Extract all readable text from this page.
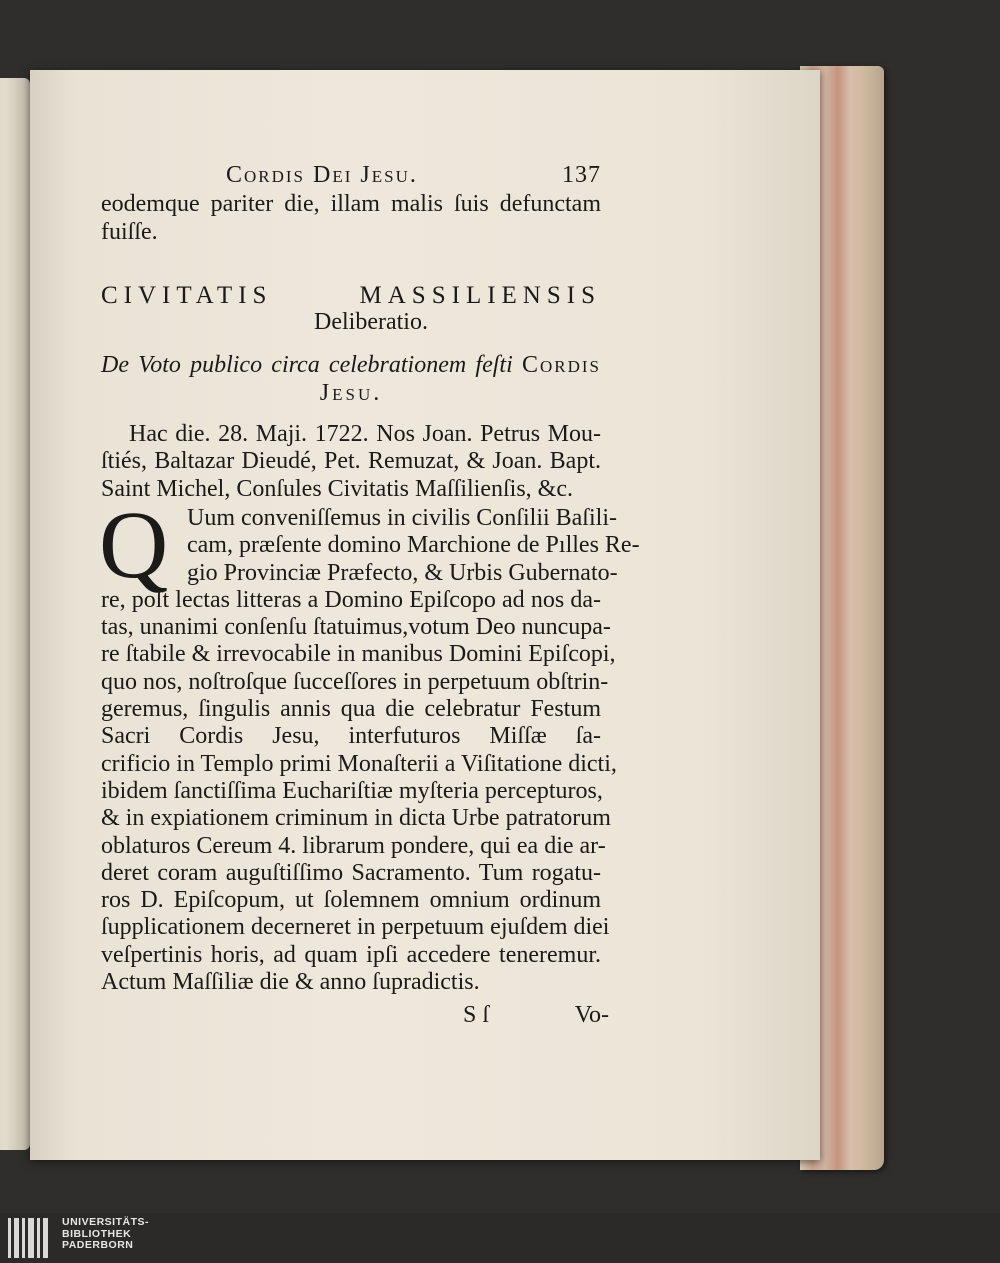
Cordis Dei Jesu.	137
eodemque pariter die, illam malis ſuis defunctam
fuiſſe.
CIVITATIS MASSILIENSIS
Deliberatio.
De Voto publico circa celebrationem feſti Cordis
Jesu.
Hac die. 28. Maji. 1722. Nos Joan. Petrus Mou-
ſtiés, Baltazar Dieudé, Pet. Remuzat, & Joan. Bapt.
Saint Michel, Conſules Civitatis Maſſilienſis, &c.
Q Uum conveniſſemus in civilis Conſilii Baſili-
cam, præſente domino Marchione de Pılles Re-
gio Provinciæ Præfecto, & Urbis Gubernato-
re, poſt lectas litteras a Domino Epiſcopo ad nos da-
tas, unanimi conſenſu ſtatuimus,votum Deo nuncupa-
re ſtabile & irrevocabile in manibus Domini Epiſcopi,
quo nos, noſtroſque ſucceſſores in perpetuum obſtrin-
geremus, ſingulis annis qua die celebratur Festum
Sacri Cordis Jesu, interfuturos Miſſæ ſa-
crificio in Templo primi Monaſterii a Viſitatione dicti,
ibidem ſanctiſſima Euchariſtiæ myſteria percepturos,
& in expiationem criminum in dicta Urbe patratorum
oblaturos Cereum 4. librarum pondere, qui ea die ar-
deret coram auguſtiſſimo Sacramento. Tum rogatu-
ros D. Epiſcopum, ut ſolemnem omnium ordinum
ſupplicationem decerneret in perpetuum ejuſdem diei
veſpertinis horis, ad quam ipſi accedere teneremur.
Actum Maſſiliæ die & anno ſupradictis.
S ſ	Vo-
UNIVERSITÄTS-
BIBLIOTHEK
PADERBORN
